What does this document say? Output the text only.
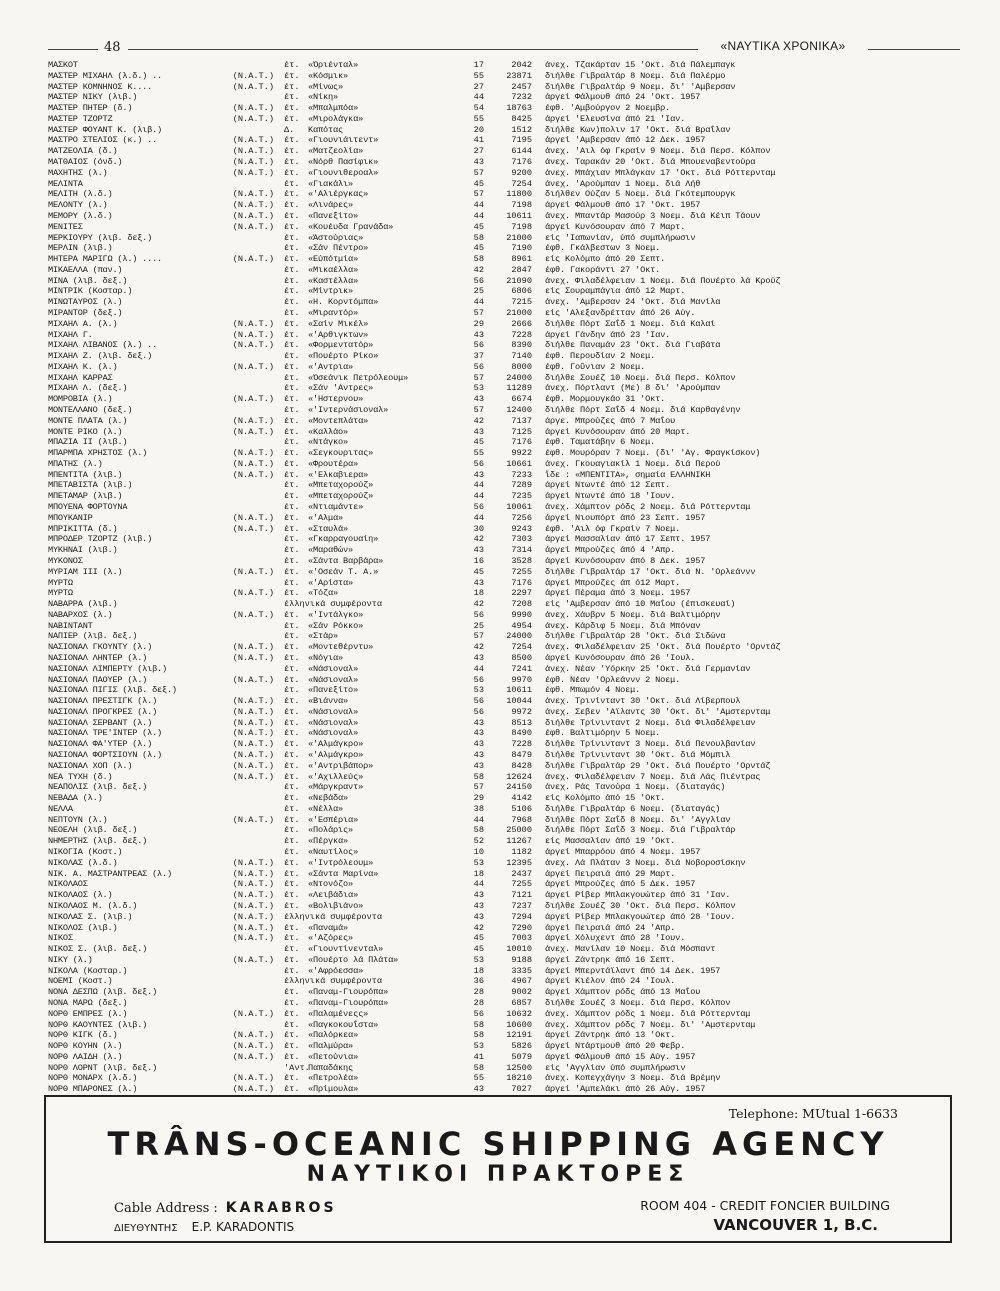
48	«ΝΑΥΤΙΚΑ ΧΡΟΝΙΚΑ»
ΜΑΣΚΟΤ	έτ. «Όριένταλ»	17	2042 άνεχ. Τζακάρταν 15 'Οκτ. διά Πάλεμπαγκ
ΜΑΣΤΕΡ ΜΙΧΑΗΛ (λ.δ.) ..	(N.A.T.) έτ. «Κόσμικ»	55	23871 διήλθε Γιβραλτάρ 8 Νοεμ. διά Παλέρμο
ΜΑΣΤΕΡ ΚΟΜΝΗΝΟΣ Κ....	(N.A.T.) έτ. «Μίνως»	27	2457 διήλθε Γιβραλτάρ 9 Νοεμ. δι' 'Αμβερσαν
ΜΑΣΤΕΡ ΝΙΚΥ (λιβ.)	έτ. «Νίκη»	44	7232 άργεί Φάλμουθ άπό 24 'Οκτ. 1957
ΜΑΣΤΕΡ ΠΗΤΕΡ (δ.)	(N.A.T.) έτ. «Μπαλμπόα»	54	18763 έφθ. 'Αμβούργον 2 Νοεμβρ.
ΜΑΣΤΕΡ ΤΖΟΡΤΖ	(N.A.T.) έτ. «Μιρολάγκα»	55	8425 άργεί 'Ελευσίνα άπό 21 'Ιαν.
ΜΑΣΤΕΡ ΦΟΥΑΝΤ Κ. (λιβ.)	Δ.	Καπότας	20	1512 διήλθε Κων)πολιν 17 'Οκτ. διά Βραΐλαν
ΜΑΣΤΡΟ ΣΤΕΛΙΟΣ (κ.) ..	(N.A.T.) έτ. «Γιουνιάιτεντ»	41	7195 άργεί 'Αμβερσαν άπό 12 Δεκ. 1957
ΜΑΤΖΕΟΛΙΑ (δ.)	(N.A.T.) έτ. «Ματζεολία»	27	6144 άνεχ. 'Αιλ όφ Γκραίν 9 Νοεμ. διά Περσ. Κόλπον
ΜΑΤΘΑΙΟΣ (όνδ.)	(N.A.T.) έτ. «Νόρθ Πασίφικ»	43	7176 άνεχ. Ταρακάν 20 'Οκτ. διά Μπουεναβεντούρα
ΜΑΧΗΤΗΣ (λ.)	(N.A.T.) έτ. «Γιουνιθεροαλ»	57	9200 άνεχ. Μπάχιαν Μπλάγκαν 17 'Οκτ. διά Ρόττερνταμ
ΜΕΛΙΝΤΑ	έτ. «Γιακάλι»	45	7254 άνεχ. 'Αρούμπαν 1 Νοεμ. διά Λήθ
ΜΕΛΙΤΗ (λ.δ.)	(N.A.T.) έτ. «'Αλιέργκας»	57	11800 διήλθεν Ούζαν 5 Νοεμ. διά Γκότεμπουργκ
ΜΕΛΟΝΤΥ (λ.)	(N.A.T.) έτ. «Λινάρες»	44	7198 άργεί Φάλμουθ άπό 17 'Οκτ. 1957
ΜΕΜΟΡΥ (λ.δ.)	(N.A.T.) έτ. «Πανεξίτο»	44	10611 άνεχ. Μπαντάρ Μασούρ 3 Νοεμ. διά Κέιπ Τάουν
ΜΕΝΙΤΕΣ	(N.A.T.) έτ. «Κουέυδα Γρανάδα»	45	7198 άργεί Κυνόσουραν άπό 7 Μαρτ.
ΜΕΡΚΙΟΥΡΥ (λιβ. δεξ.)	έτ. «Άστούριας»	58	21000 είς 'Ιαπωνίαν, ύπό συμπλήρωσιν
ΜΕΡΛΙΝ (λιβ.)	έτ. «Σάν Πέντρο»	45	7190 έφθ. Γκάλβεστων 3 Νοεμ.
ΜΗΤΕΡΑ ΜΑΡΙΓΩ (λ.) ....	(N.A.T.) έτ. «Εύπότμία»	58	8961 είς Κολόμπο άπό 20 Σεπτ.
ΜΙΚΑΕΛΛΑ (παν.)	έτ. «Μικαέλλα»	42	2847 έφθ. Γακοράντι 27 'Οκτ.
ΜΙΝΑ (λιβ. δεξ.)	έτ. «Καστέλλα»	56	21090 άνεχ. Φιλαδέλφειαν 1 Νοεμ. διά Πουέρτο λά Κρούζ
ΜΙΝΤΡΙΚ (Κοσταρ.)	έτ. «Μίντρικ»	25	6806 είς Σουραμπάγια άπό 12 Μαρτ.
ΜΙΝΩΤΑΥΡΟΣ (λ.)	έτ. «Η. Κορντόμπα»	44	7215 άνεχ. 'Αμβερσαν 24 'Οκτ. διά Μανίλα
ΜΙΡΑΝΤΟΡ (δεξ.)	έτ. «Μιραντόρ»	57	21000 είς 'Αλεξανδρέτταν άπό 26 Αύγ.
ΜΙΧΑΗΛ Α. (λ.)	(N.A.T.) έτ. «Σαίν Μικέλ»	29	2666 διήλθε Πόρτ Σαΐδ 1 Νοεμ. διά Καλαί
ΜΙΧΑΗΛ Γ.	(N.A.T.) έτ. «'Αρθιγκτων»	43	7228 άργεί Γάνδην άπό 23 'Ιαν.
ΜΙΧΑΗΛ ΛΙΒΑΝΟΣ (λ.) ..	(N.A.T.) έτ. «Φορμεντατόρ»	56	8390 διήλθε Παναμάν 23 'Οκτ. διά Γιαβάτα
ΜΙΧΑΗΛ Ζ. (λιβ. δεξ.)	έτ. «Πουέρτο Ρίκο»	37	7140 έφθ. Περουδίαν 2 Νοεμ.
ΜΙΧΑΗΛ Κ. (λ.)	(N.A.T.) έτ. «'Αντρια»	56	8000 έφθ. Γοῦνιαν 2 Νοεμ.
ΜΙΧΑΗΛ ΚΑΡΡΑΣ	έτ. «Όσεάνικ Πετρόλεουμ»	57	24000 διήλθε Σουέζ 10 Νοεμ. διά Περσ. Κόλπον
ΜΙΧΑΗΛ Λ. (δεξ.)	έτ. «Σάν 'Αντρες»	53	11289 άνεχ. Πόρτλαντ (Με) 8 δι' 'Αρούμπαν
ΜΟΜΡΟΒΙΑ (λ.)	(N.A.T.) έτ. «'Ηστερνου»	43	6674 έφθ. Μορμουγκάο 31 'Οκτ.
ΜΟΝΤΕΛΛΑΝΟ (δεξ.)	έτ. «'Ιντερνάσιοναλ»	57	12400 διήλθε Πόρτ Σαΐδ 4 Νοεμ. διά Καρθαγένην
ΜΟΝΤΕ ΠΛΑΤΑ (λ.)	(N.A.T.) έτ. «Μοντεπλάτα»	42	7137 άργε. Μπρούζες άπό 7 Μαΐου
ΜΟΝΤΕ ΡΙΚΟ (λ.)	(N.A.T.) έτ. «Καλλάο»	43	7125 άργεί Κυνόσουραν άπό 20 Μαρτ.
ΜΠΑΖΙΑ ΙΙ (λιβ.)	έτ. «Ντάγκο»	45	7176 έφθ. Ταματάβην 6 Νοεμ.
ΜΠΑΡΜΠΑ ΧΡΗΣΤΟΣ (λ.)	(N.A.T.) έτ. «Σεγκουριτας»	55	9922 έφθ. Μουρόραν 7 Νοεμ. (δι' 'Αγ. Φραγκίσκον)
ΜΠΑΤΗΣ (λ.)	(N.A.T.) έτ. «Φρουτέρα»	56	10661 άνεχ. Γκουαγιακίλ 1 Νοεμ. διά Περού
ΜΠΕΝΤΙΤΑ (λιβ.)	(N.A.T.) έτ. «'Ελκαβιερα»	43	7233 ἴδε : «ΜΠΕΝΤΙΤΑ», σημαία ΕΛΛΗΝΙΚΗ
ΜΠΕΤΑΒΙΣΤΑ (λιβ.)	έτ. «Μπεταχορούζ»	44	7289 άργεί Ντωντέ άπό 12 Σεπτ.
ΜΠΕΤΑΜΑΡ (λιβ.)	έτ. «Μπεταχορούζ»	44	7235 άργεί Ντωντέ άπό 18 'Ιουν.
ΜΠΟΥΕΝΑ ΦΟΡΤΟΥΝΑ	έτ. «Ντιαμάντε»	56	10061 άνεχ. Χάμπτον ρόδς 2 Νοεμ. διά Ρόττερνταμ
ΜΠΟΥΚΑΝΙΡ	(N.A.T.) έτ. «'Αλμα»	44	7256 άργεί Νιουπόρτ άπό 23 Σεπτ. 1957
ΜΠΡΙΚΙΤΤΑ (δ.)	(N.A.T.) έτ. «Σταυλά»	30	9243 έφθ. 'Αιλ όφ Γκραίν 7 Νοεμ.
ΜΠΡΟΔΕΡ ΤΖΟΡΤΖ (λιβ.)	έτ. «Γκαρραγουαίη»	42	7303 άργεί Μασσαλίαν άπό 17 Σεπτ. 1957
ΜΥΚΗΝΑΙ (λιβ.)	έτ. «Μαραθών»	43	7314 άργεί Μπρούζες άπό 4 'Απρ.
ΜΥΚΟΝΟΣ	έτ. «Σάντα Βαρβάρα»	16	3528 άργεί Κυνόσουραν άπό 8 Δεκ. 1957
ΜΥΡΙΑΜ ΙΙΙ (λ.)	(N.A.T.) έτ. «'Οσεάν Τ. Α.»	45	7255 διήλθε Γιβραλτάρ 17 'Οκτ. διά Ν. 'Ορλεάννν
ΜΥΡΤΩ	έτ. «'Αρίστα»	43	7176 άργεί Μπρούζες άπ ό12 Μαρτ.
ΜΥΡΤΩ	(N.A.T.) έτ. «Τόζα»	18	2297 άργεί Πέραμα άπό 3 Νοεμ. 1957
ΝΑΒΑΡΡΑ (λιβ.)	έλληνικά συμφέροντα	42	7208 είς 'Αμβερσαν άπό 10 Μαΐου (έπισκευαί)
ΝΑΒΑΡΧΟΣ (λ.)	(N.A.T.) έτ. «'Ιντάλγκο»	56	9990 άνεχ. Χάυβρν 5 Νοεμ. διά Βαλτιμόρην
ΝΑΒΙΝΤΑΝΤ	έτ. «Σάν Ρόκκο»	25	4954 άνεχ. Κάρδιφ 5 Νοεμ. διά Μπόναν
ΝΑΠΙΕΡ (λιβ. δεξ.)	έτ. «Στάρ»	57	24000 διήλθε Γιβραλτάρ 28 'Οκτ. διά Σιδώνα
ΝΑΣΙΟΝΑΛ ΓΚΟΥΝΤΥ (λ.)	(N.A.T.) έτ. «Μοντεθέρντυ»	42	7254 άνεχ. Φιλαδέλφειαν 25 'Οκτ. διά Πουέρτο 'Ορντάζ
ΝΑΣΙΟΝΑΛ ΛΗΝΤΕΡ (λ.)	(N.A.T.) έτ. «Νόγια»	43	8500 άργεί Κυνόσουραν άπό 26 'Ιουλ.
ΝΑΣΙΟΝΑΛ ΛΙΜΠΕΡΤΥ (λιβ.)	έτ. «Νάσιοναλ»	44	7241 άνεχ. Νέαν 'Υόρκην 25 'Οκτ. διά Γερμανίαν
ΝΑΣΙΟΝΑΛ ΠΑΟΥΕΡ (λ.)	(N.A.T.) έτ. «Νάσιοναλ»	56	9970 έφθ. Νέαν 'Ορλεάννν 2 Νοεμ.
ΝΑΣΙΟΝΑΛ ΠΙΓΙΣ (λιβ. δεξ.)	έτ. «Πανεξίτο»	53	10611 έφθ. Μπωμόν 4 Νοεμ.
ΝΑΣΙΟΝΑΛ ΠΡΕΣΤΙΓΚ (λ.)	(N.A.T.) έτ. «Βιάννα»	56	10044 άνεχ. Τρινίνταντ 30 'Οκτ. διά Λίβερπουλ
ΝΑΣΙΟΝΑΛ ΠΡΟΓΚΡΕΣ (λ.)	(N.A.T.) έτ. «Νάσιοναλ»	56	9972 άνεχ. Σεβεν 'Αϊλαντς 30 'Οκτ. δι' 'Αμστερνταμ
ΝΑΣΙΟΝΑΛ ΣΕΡΒΑΝΤ (λ.)	(N.A.T.) έτ. «Νάσιοναλ»	43	8513 διήλθε Τρίνινταντ 2 Νοεμ. διά Φιλαδέλφειαν
ΝΑΣΙΟΝΑΛ ΤΡΕ'ΙΝΤΕΡ (λ.)	(N.A.T.) έτ. «Νάσιοναλ»	43	8490 έφθ. Βαλτιμόρην 5 Νοεμ.
ΝΑΣΙΟΝΑΛ ΦΑ'ΥΤΕΡ (λ.)	(N.A.T.) έτ. «'Αλμάγκρο»	43	7228 διήλθε Τρίνινταντ 3 Νοεμ. διά Πενουλβανίαν
ΝΑΣΙΟΝΑΛ ΦΟΡΤΣΙΟΥΝ (λ.)	(N.A.T.) έτ. «'Αλμάγκρο»	43	8479 διήλθε Τρίνινταντ 30 'Οκτ. διά Μόμπιλ
ΝΑΣΙΟΝΑΛ ΧΟΠ (λ.)	(N.A.T.) έτ. «'Αντριβάπορ»	43	8428 διήλθε Γιβραλτάρ 29 'Οκτ. διά Πουέρτο 'Ορντάζ
ΝΕΑ ΤΥΧΗ (δ.)	(N.A.T.) έτ. «'Αχιλλεύς»	58	12624 άνεχ. Φιλαδέλφειαν 7 Νοεμ. διά Λάς Πιέντρας
ΝΕΑΠΟΛΙΣ (λιβ. δεξ.)	έτ. «Μάργκραντ»	57	24150 άνεχ. Ράς Τανούρα 1 Νοεμ. (διαταγάς)
ΝΕΒΑΔΑ (λ.)	έτ. «Νεβάδα»	29	4142 είς Κολόμπο άπό 15 'Οκτ.
ΝΕΛΛΑ	έτ. «Νέλλα»	38	5106 διήλθε Γιβραλτάρ 6 Νοεμ. (διαταγάς)
ΝΕΠΤΟΥΝ (λ.)	(N.A.T.) έτ. «'Εσπέρια»	44	7968 διήλθε Πόρτ Σαΐδ 8 Νοεμ. δι' 'Αγγλίαν
ΝΕΟΕΛΗ (λιβ. δεξ.)	έτ. «Πολάρις»	58	25000 διήλθε Πόρτ Σαΐδ 3 Νοεμ. διά Γιβραλτάρ
ΝΗΜΕΡΤΗΣ (λιβ. δεξ.)	έτ. «Πέργκα»	52	11267 είς Μασσαλίαν άπό 19 'Οκτ.
ΝΙΚΟΓΙΑ (Κοστ.)	έτ. «Ναυτίλος»	10	1182 άργεί Μπαρρόου άπό 4 Νοεμ. 1957
ΝΙΚΟΛΑΣ (λ.δ.)	(N.A.T.) έτ. «'Ιντρόλεουμ»	53	12395 άνεχ. Λά Πλάταν 3 Νοεμ. διά Νοβοροσίσκην
ΝΙΚ. Α. ΜΑΣΤΡΑΝΤΡΕΑΣ (λ.)	(N.A.T.) έτ. «Σάντα Μαρίνα»	18	2437 άργεί Πειραιά άπό 29 Μαρτ.
ΝΙΚΟΛΑΟΣ	(N.A.T.) έτ. «Ντονόζο»	44	7255 άργεί Μπρούζες άπό 5 Δεκ. 1957
ΝΙΚΟΛΑΟΣ (λ.)	(N.A.T.) έτ. «Λειβάδια»	43	7121 άργεί Ρίβερ Μπλακγουώτερ άπό 31 'Ιαν.
ΝΙΚΟΛΑΟΣ Μ. (λ.δ.)	(N.A.T.) έτ. «Βολιβιάνο»	43	7237 διήλθε Σουέζ 30 'Οκτ. διά Περσ. Κόλπον
ΝΙΚΟΛΑΣ Σ. (λιβ.)	(N.A.T.) έλληνικά συμφέροντα	43	7294 άργεί Ρίβερ Μπλακγουώτερ άπό 28 'Ιουν.
ΝΙΚΟΛΟΣ (λιβ.)	(N.A.T.) έτ. «Παναμά»	42	7290 άργεί Πειραιά άπό 24 'Απρ.
ΝΙΚΟΣ	(N.A.T.) έτ. «'Αζόρες»	45	7003 άργεί Χόλυχεντ άπό 28 'Ιουν.
ΝΙΚΟΣ Σ. (λιβ. δεξ.)	έτ. «Γιουντίνενταλ»	45	10010 άνεχ. Μανίλαν 10 Νοεμ. διά Μόσπαντ
ΝΙΚΥ (λ.)	(N.A.T.) έτ. «Πουέρτο λά Πλάτα»	53	9188 άργεί Ζάντρηκ άπό 16 Σεπτ.
ΝΙΚΟΛΑ (Κοσταρ.)	έτ. «'Αφρόεσσα»	18	3335 άργεί Μπερντάϊλαντ άπό 14 Δεκ. 1957
ΝΟΕΜΙ (Κοστ.)	έλληνικά συμφέροντα	36	4967 άργεί Κιέλον άπό 24 'Ιουλ.
ΝΟΝΑ ΔΕΣΠΩ (λιβ. δεξ.)	έτ. «Παναμ-Γιουρόπα»	28	9002 άργεί Χάμπτον ρόδς άπό 13 Μαΐου
ΝΟΝΑ ΜΑΡΩ (δεξ.)	έτ. «Παναμ-Γιουρόπα»	28	6857 διήλθε Σουέζ 3 Νοεμ. διά Περσ. Κόλπον
ΝΟΡΘ ΕΜΠΡΕΣ (λ.)	(N.A.T.) έτ. «Παλαμένεςς»	56	10632 άνεχ. Χάμπτον ρόδς 1 Νοεμ. διά Ρόττερνταμ
ΝΟΡΘ ΚΑΟΥΝΤΕΣ (λιβ.)	έτ. «Παγκοκουΐστα»	58	10600 άνεχ. Χάμπτον ρόδς 7 Νοεμ. δι' 'Αμστερνταμ
ΝΟΡΘ ΚΙΓΚ (δ.)	(N.A.T.) έτ. «Παλόρκεα»	58	12191 άργεί Ζάντρηκ άπό 13 'Οκτ.
ΝΟΡΘ ΚΟΥΗΝ (λ.)	(N.A.T.) έτ. «Παλμύρα»	53	5826 άργεί Ντάρτμουθ άπό 20 Φεβρ.
ΝΟΡΘ ΛΑΙΔΗ (λ.)	(N.A.T.) έτ. «Πετούνια»	41	5079 άργεί Φάλμουθ άπό 15 Αύγ. 1957
ΝΟΡΘ ΛΟΡΝΤ (λιβ. δεξ.)	'Αντ.
Παπαδάκης	58	12500 είς 'Αγγλίαν ύπό συμπλήρωσιν
ΝΟΡΘ ΜΟΝΑΡΧ (λ.δ.)	(N.A.T.) έτ. «Πετρολέα»	55	18210 άνεχ. Κοπεγχάγην 3 Νοεμ. διά Βρέμην
ΝΟΡΘ ΜΠΑΡΟΝΕΣ (λ.)	(N.A.T.) έτ. «Πρίμουλα»	43	7027 άργεί 'Αμπελάκι άπό 26 Αύγ. 1957
Telephone: MUtual 1-6633
TRÂNS-OCEANIC SHIPPING AGENCY
ΝΑΥΤΙΚΟΙ ΠΡΑΚΤΟΡΕΣ
Cable Address : KARABROS
ΔΙΕΥΘΥΝΤΗΣ E.P. KARADONTIS
ROOM 404 - CREDIT FONCIER BUILDING
VANCOUVER 1, B.C.
